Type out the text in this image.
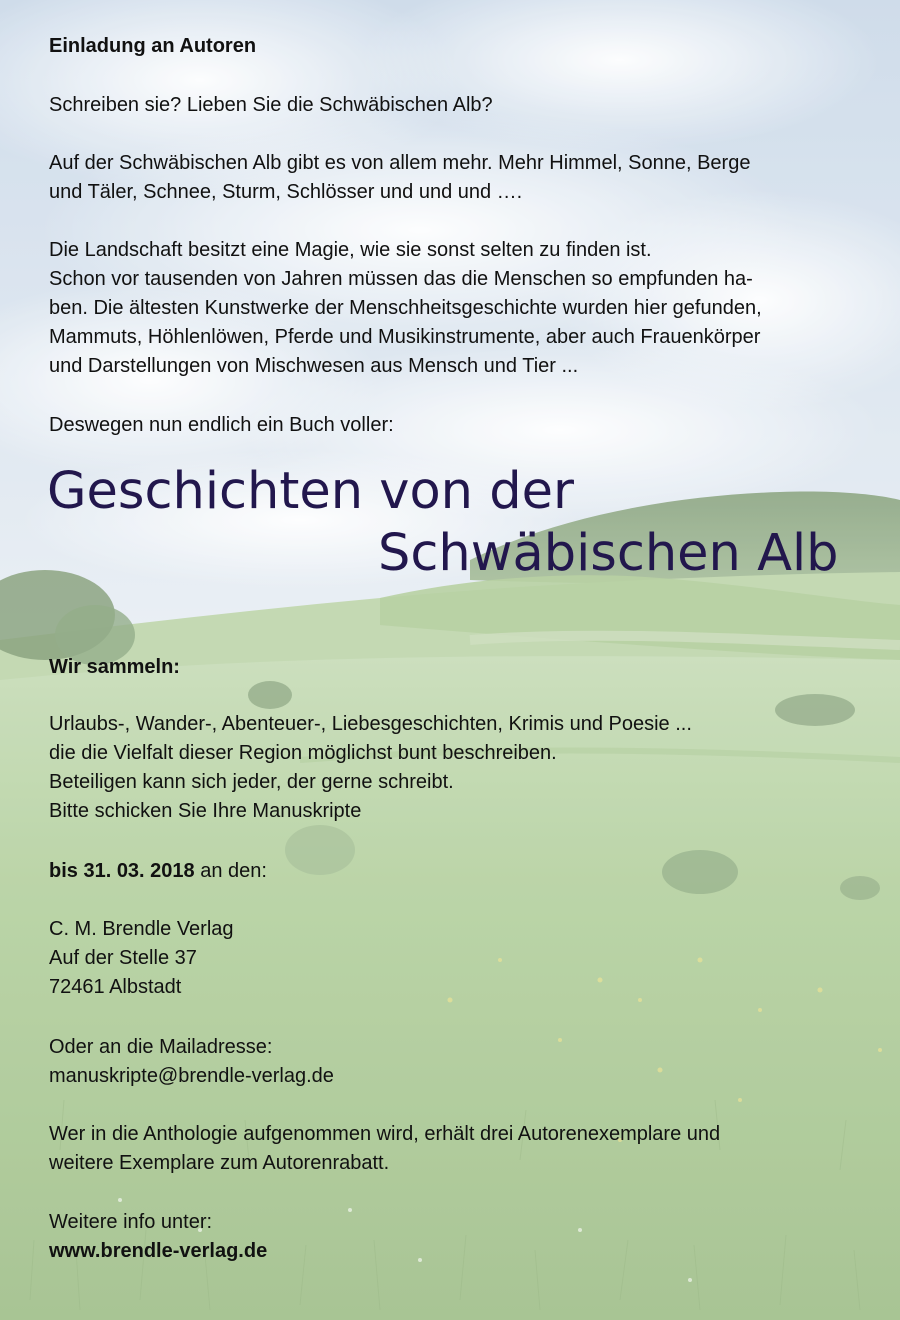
Einladung an Autoren

Schreiben sie? Lieben Sie die Schwäbischen Alb?

Auf der Schwäbischen Alb gibt es von allem mehr. Mehr Himmel, Sonne, Berge
und Täler, Schnee, Sturm, Schlösser und und und ….
Die Landschaft besitzt eine Magie, wie sie sonst selten zu finden ist.
Schon vor tausenden von Jahren müssen das die Menschen so empfunden ha-
ben. Die ältesten Kunstwerke der Menschheitsgeschichte wurden hier gefunden,
Mammuts, Höhlenlöwen, Pferde und Musikinstrumente, aber auch Frauenkörper
und Darstellungen von Mischwesen aus Mensch und Tier ...

Deswegen nun endlich ein Buch voller:

Geschichten von der
Schwäbischen Alb

Wir sammeln:

Urlaubs-, Wander-, Abenteuer-, Liebesgeschichten, Krimis und Poesie ...
die die Vielfalt dieser Region möglichst bunt beschreiben.
Beteiligen kann sich jeder, der gerne schreibt.
Bitte schicken Sie Ihre Manuskripte
bis 31. 03. 2018 an den:
C. M. Brendle Verlag
Auf der Stelle 37
72461 Albstadt
Oder an die Mailadresse:
manuskripte@brendle-verlag.de
Wer in die Anthologie aufgenommen wird, erhält drei Autorenexemplare und
weitere Exemplare zum Autorenrabatt.
Weitere info unter:
www.brendle-verlag.de
